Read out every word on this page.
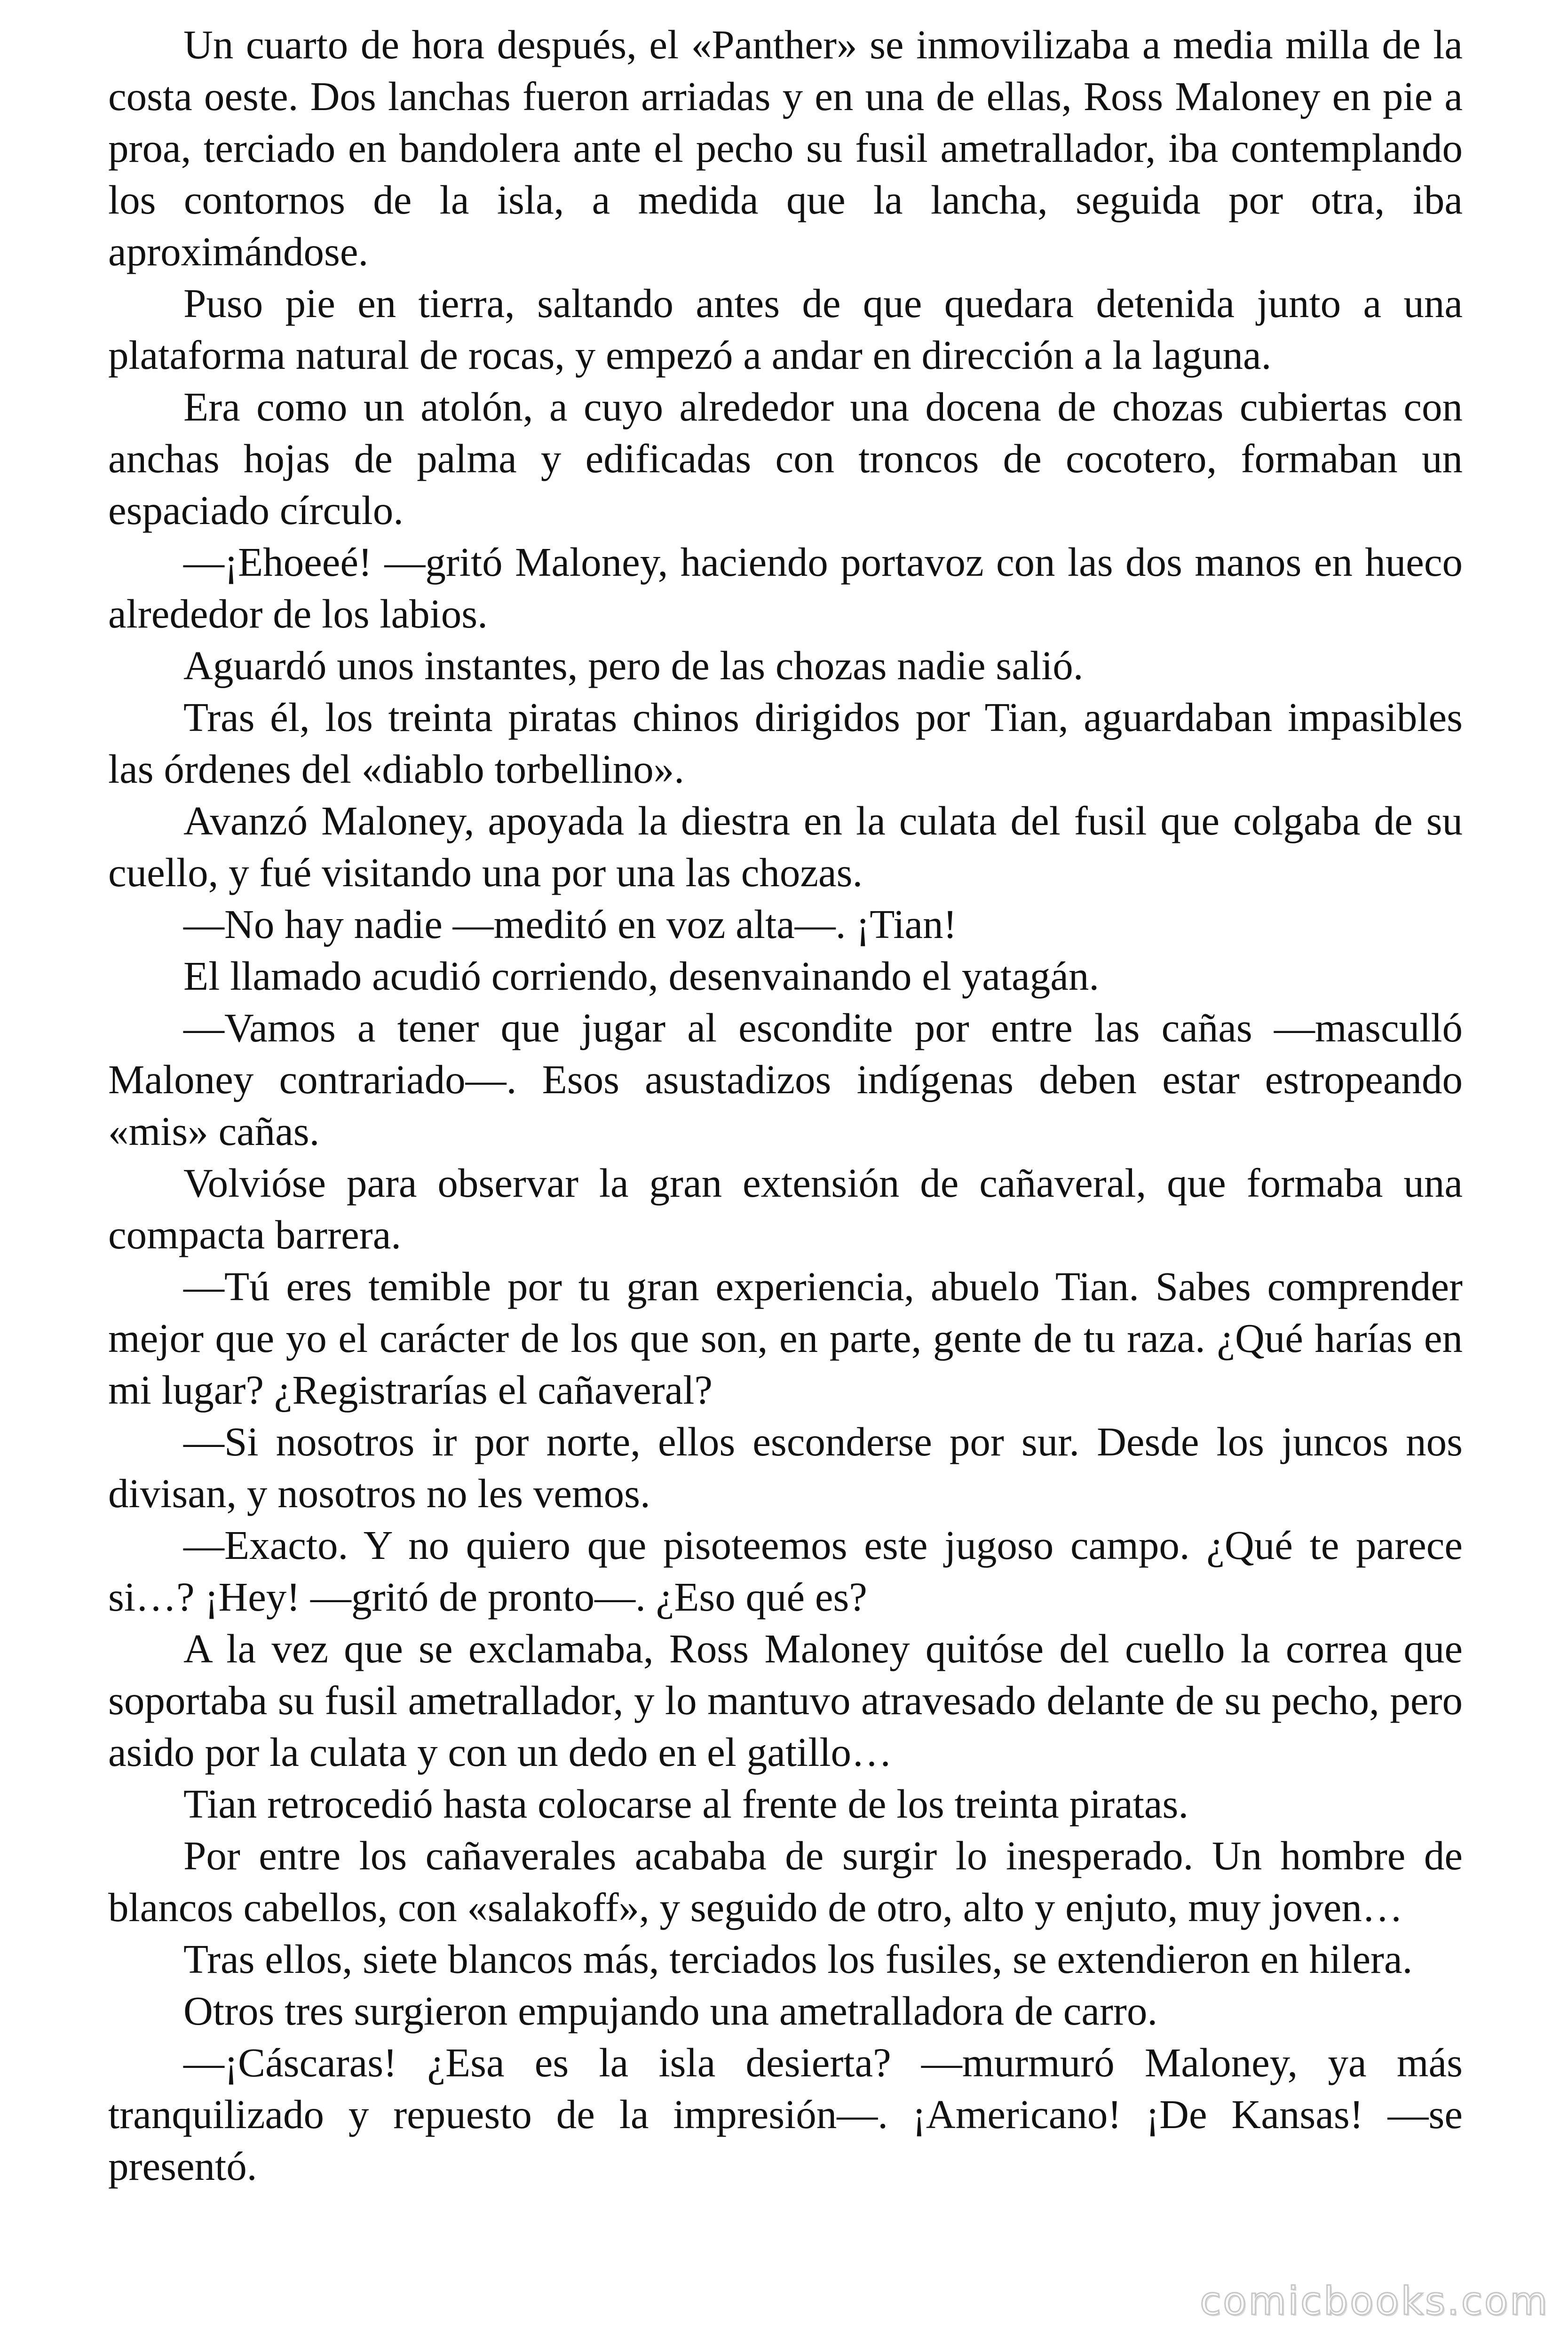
Un cuarto de hora después, el «Panther» se inmovilizaba a media milla de la costa oeste. Dos lanchas fueron arriadas y en una de ellas, Ross Maloney en pie a proa, terciado en bandolera ante el pecho su fusil ametrallador, iba contemplando los contornos de la isla, a medida que la lancha, seguida por otra, iba aproximándose.

Puso pie en tierra, saltando antes de que quedara detenida junto a una plataforma natural de rocas, y empezó a andar en dirección a la laguna.

Era como un atolón, a cuyo alrededor una docena de chozas cubiertas con anchas hojas de palma y edificadas con troncos de cocotero, formaban un espaciado círculo.

—¡Ehoeeé! —gritó Maloney, haciendo portavoz con las dos manos en hueco alrededor de los labios.

Aguardó unos instantes, pero de las chozas nadie salió.

Tras él, los treinta piratas chinos dirigidos por Tian, aguardaban impasibles las órdenes del «diablo torbellino».

Avanzó Maloney, apoyada la diestra en la culata del fusil que colgaba de su cuello, y fué visitando una por una las chozas.

—No hay nadie —meditó en voz alta—. ¡Tian!

El llamado acudió corriendo, desenvainando el yatagán.

—Vamos a tener que jugar al escondite por entre las cañas —masculló Maloney contrariado—. Esos asustadizos indígenas deben estar estropeando «mis» cañas.

Volvióse para observar la gran extensión de cañaveral, que formaba una compacta barrera.

—Tú eres temible por tu gran experiencia, abuelo Tian. Sabes comprender mejor que yo el carácter de los que son, en parte, gente de tu raza. ¿Qué harías en mi lugar? ¿Registrarías el cañaveral?

—Si nosotros ir por norte, ellos esconderse por sur. Desde los juncos nos divisan, y nosotros no les vemos.

—Exacto. Y no quiero que pisoteemos este jugoso campo. ¿Qué te parece si…? ¡Hey! —gritó de pronto—. ¿Eso qué es?

A la vez que se exclamaba, Ross Maloney quitóse del cuello la correa que soportaba su fusil ametrallador, y lo mantuvo atravesado delante de su pecho, pero asido por la culata y con un dedo en el gatillo…

Tian retrocedió hasta colocarse al frente de los treinta piratas.

Por entre los cañaverales acababa de surgir lo inesperado. Un hombre de blancos cabellos, con «salakoff», y seguido de otro, alto y enjuto, muy joven…

Tras ellos, siete blancos más, terciados los fusiles, se extendieron en hilera.

Otros tres surgieron empujando una ametralladora de carro.

—¡Cáscaras! ¿Esa es la isla desierta? —murmuró Maloney, ya más tranquilizado y repuesto de la impresión—. ¡Americano! ¡De Kansas! —se presentó.

comicbooks.com
